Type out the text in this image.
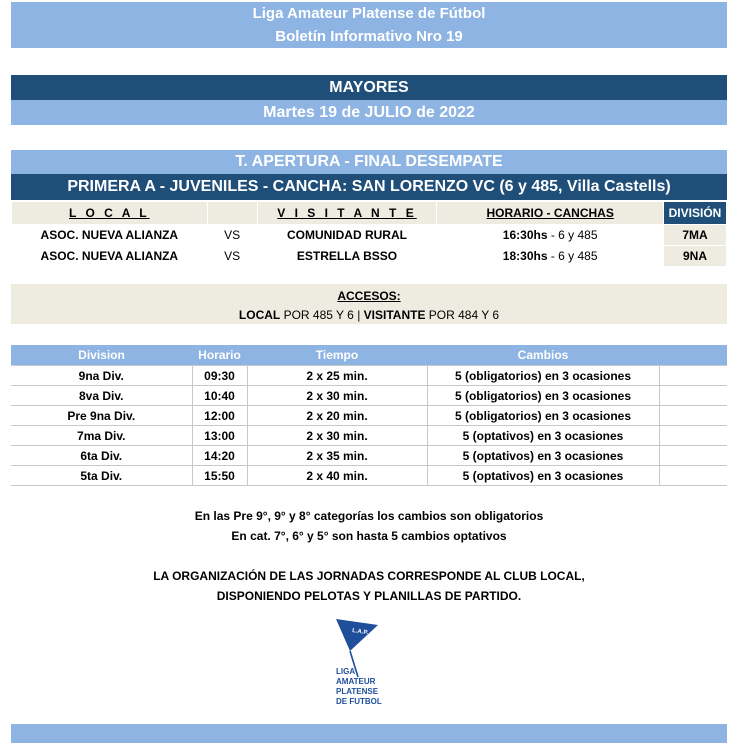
Liga Amateur Platense de Fútbol
Boletín Informativo Nro 19
MAYORES
Martes 19 de JULIO de 2022
T. APERTURA - FINAL DESEMPATE
PRIMERA A - JUVENILES - CANCHA: SAN LORENZO VC (6 y 485, Villa Castells)
L O C A L		V I S I T A N T E	HORARIO - CANCHAS	DIVISIÓN
ASOC. NUEVA ALIANZA	VS	COMUNIDAD RURAL	16:30hs - 6 y 485	7MA
ASOC. NUEVA ALIANZA	VS	ESTRELLA BSSO	18:30hs - 6 y 485	9NA
ACCESOS:
LOCAL POR 485 Y 6 | VISITANTE POR 484 Y 6
Division	Horario	Tiempo	Cambios	
9na Div.	09:30	2 x 25 min.	5 (obligatorios) en 3 ocasiones	
8va Div.	10:40	2 x 30 min.	5 (obligatorios) en 3 ocasiones	
Pre 9na Div.	12:00	2 x 20 min.	5 (obligatorios) en 3 ocasiones	
7ma Div.	13:00	2 x 30 min.	5 (optativos) en 3 ocasiones	
6ta Div.	14:20	2 x 35 min.	5 (optativos) en 3 ocasiones	
5ta Div.	15:50	2 x 40 min.	5 (optativos) en 3 ocasiones	
En las Pre 9°, 9° y 8° categorías los cambios son obligatorios
En cat. 7°, 6° y 5° son hasta 5 cambios optativos
LA ORGANIZACIÓN DE LAS JORNADAS CORRESPONDE AL CLUB LOCAL,
DISPONIENDO PELOTAS Y PLANILLAS DE PARTIDO.
L.A.P.
LIGA
AMATEUR
PLATENSE
DE FUTBOL
